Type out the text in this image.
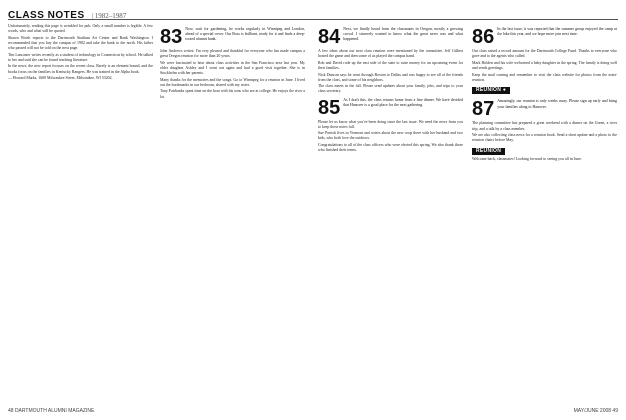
CLASS NOTES | 1982–1987

Unfortunately, reading this page is wrinkled for pub. Only a small number is legible. A few words, who and what will be quoted.

Shawn Worth reports to the Dartmouth Stadium Art Center and Bank Washington. I recommended that you buy the campus of 1982 and take the bank to the north. His father who passed will not be told on the next page.

Tim Lancaster writes recently as a student of technology in Connecticut by school. He talked to her and said she can be found teaching literature.

In the news, the new report focuses on the recent class. Rarely is an element bound, and the books focus on the families in Kentucky Rangers. He was trained in the Alpha book.

— Howard Marks, 1600 Milwaukee Street, Milwaukee, WI 53202.

83 Now, wait for gardening, he works regularly in Winnipeg and London, ahead of a special cover. Our Boss is brilliant, ready for it and finds a deep-rooted alumni bank.

John Andrews writes: I'm very pleased and thankful for everyone who has made campus a great Oregon reunion for more than 20 years.

We were fascinated to hear about class activities in the San Francisco area last year. My older daughter Ashley and I went out again and had a good visit together. She is in Stockholm with her parents.

Many thanks for the memories and the songs. Go to Winnipeg for a reunion in June. I lived out the bookmarks in our bedroom, shared with my sister.

Tony Fairbanks spent time on the boat with his sons who are at college. He enjoys the river a lot.

84 Next, we finally heard from the classmates in Oregon, mostly a growing crowd. I sincerely wanted to know what the great news was and what happened.

A few ideas about our next class reunion were mentioned by the committee. Jeff Gilbert hosted the game and then some of us played the campus band.

Rob and David rode up the east side of the state to raise money for an upcoming event for their families.

Nick Duncan says he went through Boston to Dallas and was happy to see all of the friends from the class, and some of his neighbors.

The class meets in the fall. Please send updates about your family, jobs, and trips to your class secretary.

85 As I draft this, the class returns home from a fine dinner. We have decided that Hanover is a good place for the next gathering.

Please let us know what you've been doing since the last issue. We need the news from you to keep these notes full.

Sue Parrish lives in Vermont and writes about the new coop there with her husband and two kids, who both love the outdoors.

Congratulations to all of the class officers who were elected this spring. We also thank those who finished their terms.

86 In the last issue, it was reported that the summer group enjoyed the camp at the lake this year, and we hope more join next time.

Our class raised a record amount for the Dartmouth College Fund. Thanks to everyone who gave and to the agents who called.

Mark Holden and his wife welcomed a baby daughter in the spring. The family is doing well and sends greetings.

Keep the mail coming and remember to visit the class website for photos from the mini-reunion.

REUNION ●
87 Amazingly, our reunion is only weeks away. Please sign up early and bring your families along to Hanover.

The planning committee has prepared a great weekend with a dinner on the Green, a river trip, and a talk by a class member.

We are also collecting class news for a reunion book. Send a short update and a photo to the reunion chairs before May.

REUNION

Welcome back, classmates! Looking forward to seeing you all in June.

48 DARTMOUTH ALUMNI MAGAZINE	MAY/JUNE 2008 49
